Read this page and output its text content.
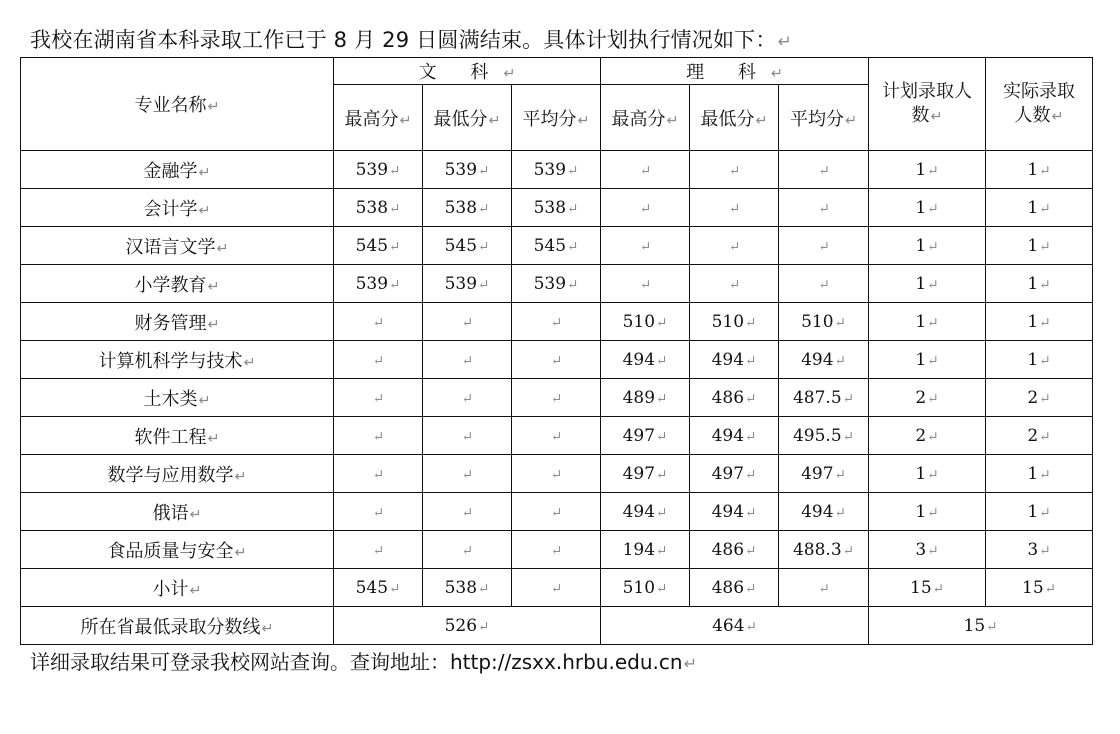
我校在湖南省本科录取工作已于 8 月 29 日圆满结束。具体计划执行情况如下：↵
专业名称↵	文 科↵			理 科↵			计划录取人数↵	实际录取人数↵
	最高分↵	最低分↵	平均分↵	最高分↵	最低分↵	平均分↵		
金融学↵	539↵	539↵	539↵	↵	↵	↵	1↵	1↵
会计学↵	538↵	538↵	538↵	↵	↵	↵	1↵	1↵
汉语言文学↵	545↵	545↵	545↵	↵	↵	↵	1↵	1↵
小学教育↵	539↵	539↵	539↵	↵	↵	↵	1↵	1↵
财务管理↵	↵	↵	↵	510↵	510↵	510↵	1↵	1↵
计算机科学与技术↵	↵	↵	↵	494↵	494↵	494↵	1↵	1↵
土木类↵	↵	↵	↵	489↵	486↵	487.5↵	2↵	2↵
软件工程↵	↵	↵	↵	497↵	494↵	495.5↵	2↵	2↵
数学与应用数学↵	↵	↵	↵	497↵	497↵	497↵	1↵	1↵
俄语↵	↵	↵	↵	494↵	494↵	494↵	1↵	1↵
食品质量与安全↵	↵	↵	↵	194↵	486↵	488.3↵	3↵	3↵
小计↵	545↵	538↵	↵	510↵	486↵	↵	15↵	15↵
所在省最低录取分数线↵	526↵			464↵			15↵	
详细录取结果可登录我校网站查询。查询地址：http://zsxx.hrbu.edu.cn↵
